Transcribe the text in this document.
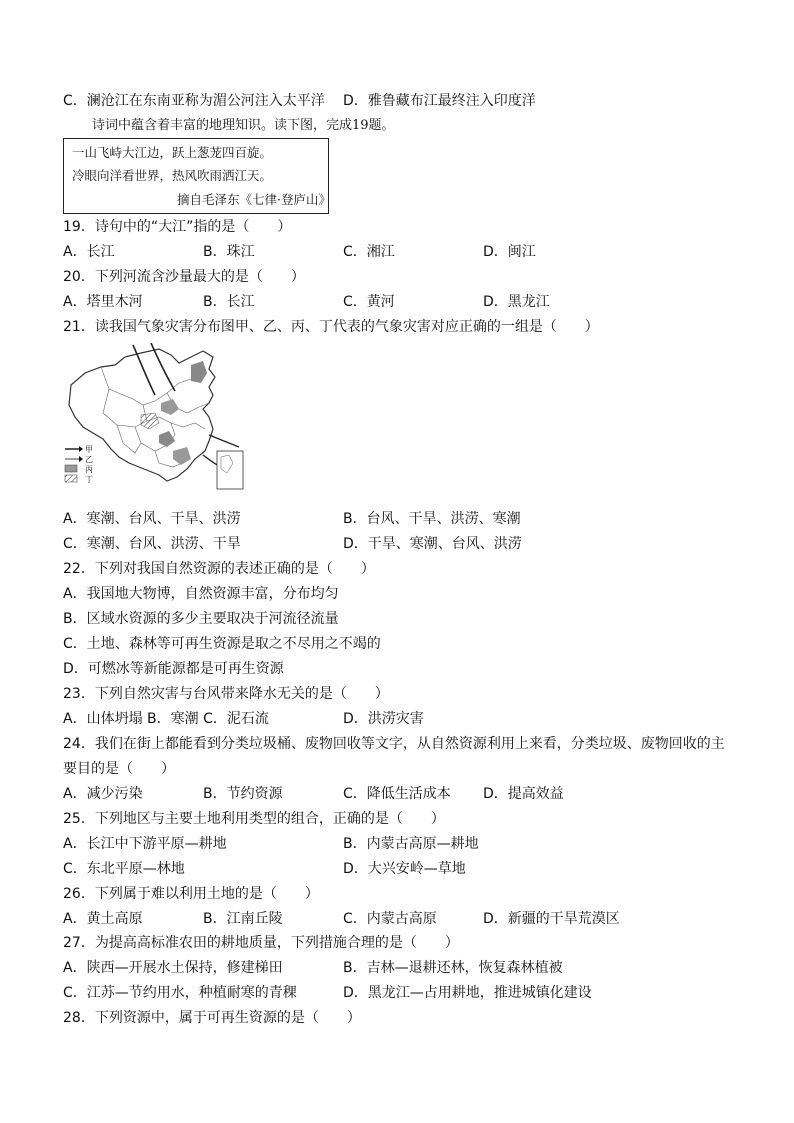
C．澜沧江在东南亚称为湄公河注入太平洋 D．雅鲁藏布江最终注入印度洋
诗词中蕴含着丰富的地理知识。读下图，完成19题。
一山飞峙大江边，跃上葱茏四百旋。
冷眼向洋看世界，热风吹雨洒江天。
摘自毛泽东《七律·登庐山》
19．诗句中的“大江”指的是（　　）
A．长江	B．珠江	C．湘江	D．闽江
20．下列河流含沙量最大的是（　　）
A．塔里木河	B．长江	C．黄河	D．黑龙江
21．读我国气象灾害分布图甲、乙、丙、丁代表的气象灾害对应正确的一组是（　　）
甲
乙
丙
丁
A．寒潮、台风、干旱、洪涝	B．台风、干旱、洪涝、寒潮
C．寒潮、台风、洪涝、干旱	D．干旱、寒潮、台风、洪涝
22．下列对我国自然资源的表述正确的是（　　）
A．我国地大物博，自然资源丰富，分布均匀
B．区域水资源的多少主要取决于河流径流量
C．土地、森林等可再生资源是取之不尽用之不竭的
D．可燃冰等新能源都是可再生资源
23．下列自然灾害与台风带来降水无关的是（　　）
A．山体坍塌 B．寒潮 C．泥石流	D．洪涝灾害
24．我们在街上都能看到分类垃圾桶、废物回收等文字，从自然资源利用上来看，分类垃圾、废物回收的主
要目的是（　　）
A．减少污染	B．节约资源	C．降低生活成本 D．提高效益
25．下列地区与主要土地利用类型的组合，正确的是（　　）
A．长江中下游平原—耕地	B．内蒙古高原—耕地
C．东北平原—林地	D．大兴安岭—草地
26．下列属于难以利用土地的是（　　）
A．黄土高原	B．江南丘陵	C．内蒙古高原	D．新疆的干旱荒漠区
27．为提高高标准农田的耕地质量，下列措施合理的是（　　）
A．陕西—开展水土保持，修建梯田	B．吉林—退耕还林，恢复森林植被
C．江苏—节约用水，种植耐寒的青稞	D．黑龙江—占用耕地，推进城镇化建设
28．下列资源中，属于可再生资源的是（　　）
